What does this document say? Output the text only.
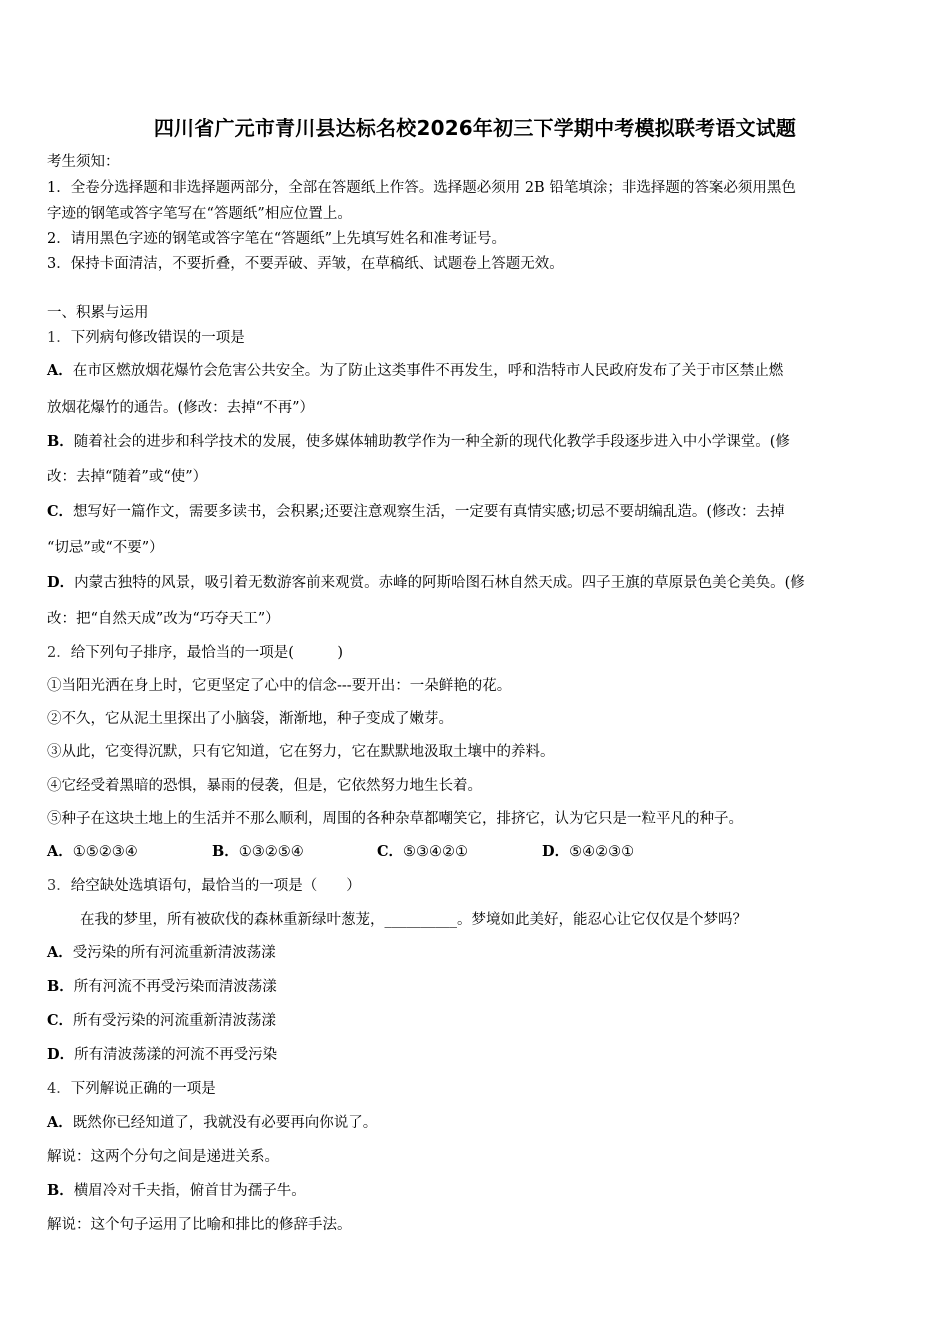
四川省广元市青川县达标名校2026年初三下学期中考模拟联考语文试题
考生须知：
1．全卷分选择题和非选择题两部分，全部在答题纸上作答。选择题必须用 2B 铅笔填涂；非选择题的答案必须用黑色
字迹的钢笔或答字笔写在“答题纸”相应位置上。
2．请用黑色字迹的钢笔或答字笔在“答题纸”上先填写姓名和准考证号。
3．保持卡面清洁，不要折叠，不要弄破、弄皱，在草稿纸、试题卷上答题无效。
一、积累与运用
1．下列病句修改错误的一项是
A．在市区燃放烟花爆竹会危害公共安全。为了防止这类事件不再发生，呼和浩特市人民政府发布了关于市区禁止燃
放烟花爆竹的通告。(修改：去掉“不再”）
B．随着社会的进步和科学技术的发展，使多媒体辅助教学作为一种全新的现代化教学手段逐步进入中小学课堂。(修
改：去掉“随着”或“使”）
C．想写好一篇作文，需要多读书，会积累;还要注意观察生活，一定要有真情实感;切忌不要胡编乱造。(修改：去掉
“切忌”或“不要”）
D．内蒙古独特的风景，吸引着无数游客前来观赏。赤峰的阿斯哈图石林自然天成。四子王旗的草原景色美仑美奂。(修
改：把“自然天成”改为“巧夺天工”）
2．给下列句子排序，最恰当的一项是(　　　)
①当阳光洒在身上时，它更坚定了心中的信念---要开出：一朵鲜艳的花。
②不久，它从泥土里探出了小脑袋，渐渐地，种子变成了嫩芽。
③从此，它变得沉默，只有它知道，它在努力，它在默默地汲取土壤中的养料。
④它经受着黑暗的恐惧，暴雨的侵袭，但是，它依然努力地生长着。
⑤种子在这块土地上的生活并不那么顺利，周围的各种杂草都嘲笑它，排挤它，认为它只是一粒平凡的种子。
A．①⑤②③④	B．①③②⑤④	C．⑤③④②①	D．⑤④②③①
3．给空缺处选填语句，最恰当的一项是（　　）
在我的梦里，所有被砍伐的森林重新绿叶葱茏，__________。梦境如此美好，能忍心让它仅仅是个梦吗？
A．受污染的所有河流重新清波荡漾
B．所有河流不再受污染而清波荡漾
C．所有受污染的河流重新清波荡漾
D．所有清波荡漾的河流不再受污染
4．下列解说正确的一项是
A．既然你已经知道了，我就没有必要再向你说了。
解说：这两个分句之间是递进关系。
B．横眉冷对千夫指，俯首甘为孺子牛。
解说：这个句子运用了比喻和排比的修辞手法。
